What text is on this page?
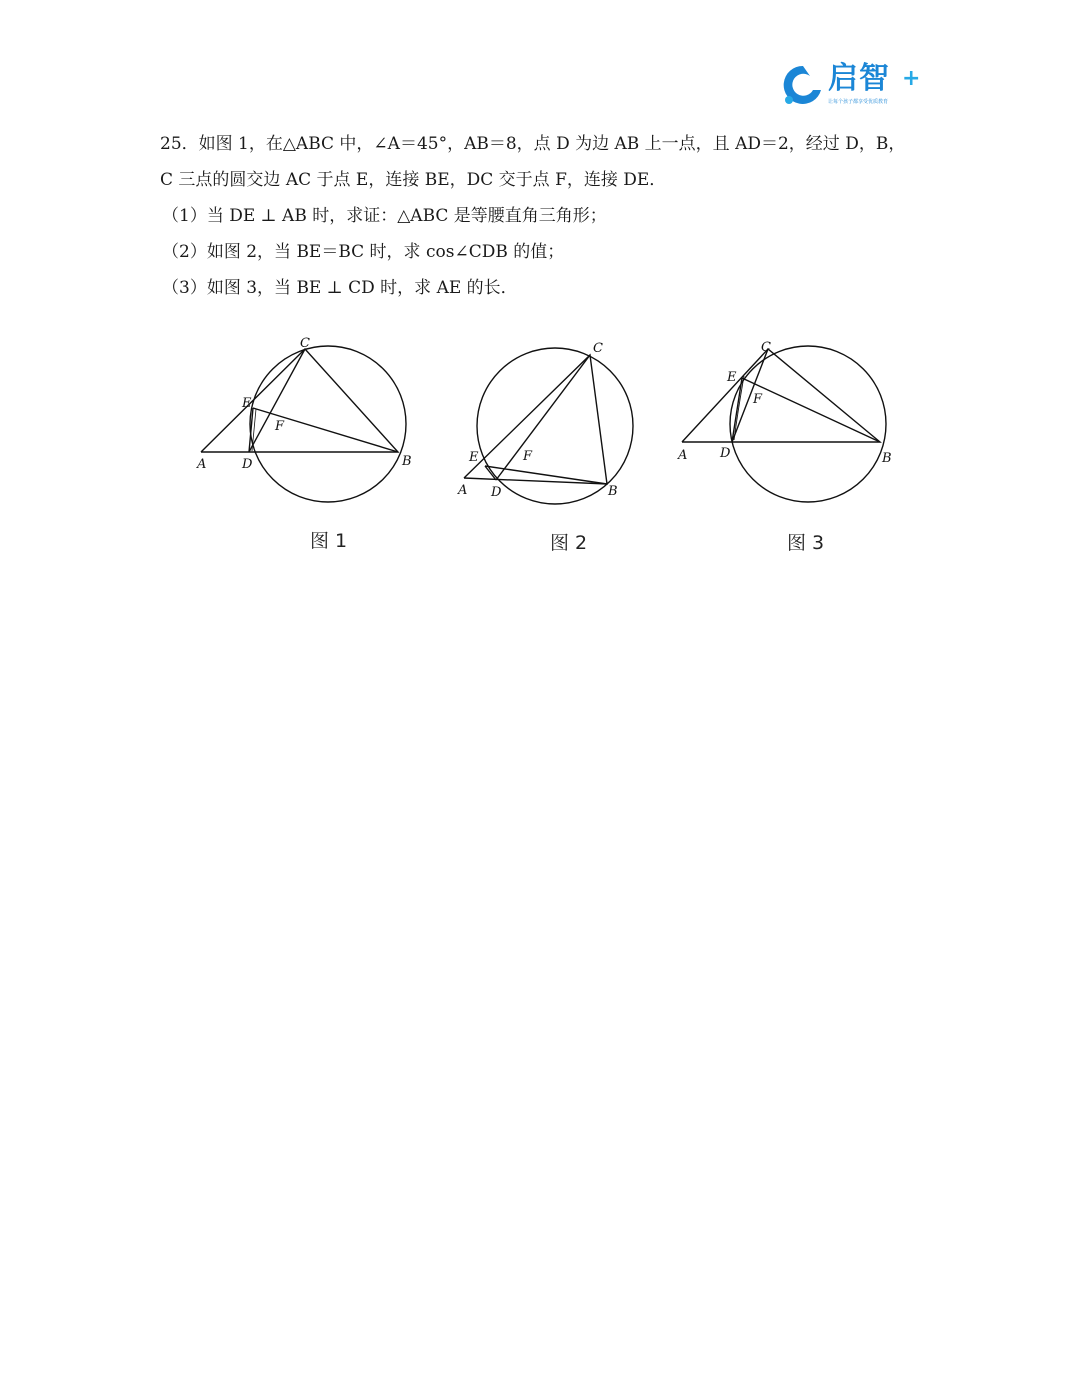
启智 +
让每个孩子都享受优质教育
25．如图 1，在△ABC 中，∠A＝45°，AB＝8，点 D 为边 AB 上一点，且 AD＝2，经过 D，B，
C 三点的圆交边 AC 于点 E，连接 BE，DC 交于点 F，连接 DE．
（1）当 DE ⊥ AB 时，求证：△ABC 是等腰直角三角形；
（2）如图 2，当 BE＝BC 时，求 cos∠CDB 的值；
（3）如图 3，当 BE ⊥ CD 时，求 AE 的长．
A	D	B
C
E
F
图 1
A D	B
C
E	F
图 2
A	D	B
C
E
F
图 3
